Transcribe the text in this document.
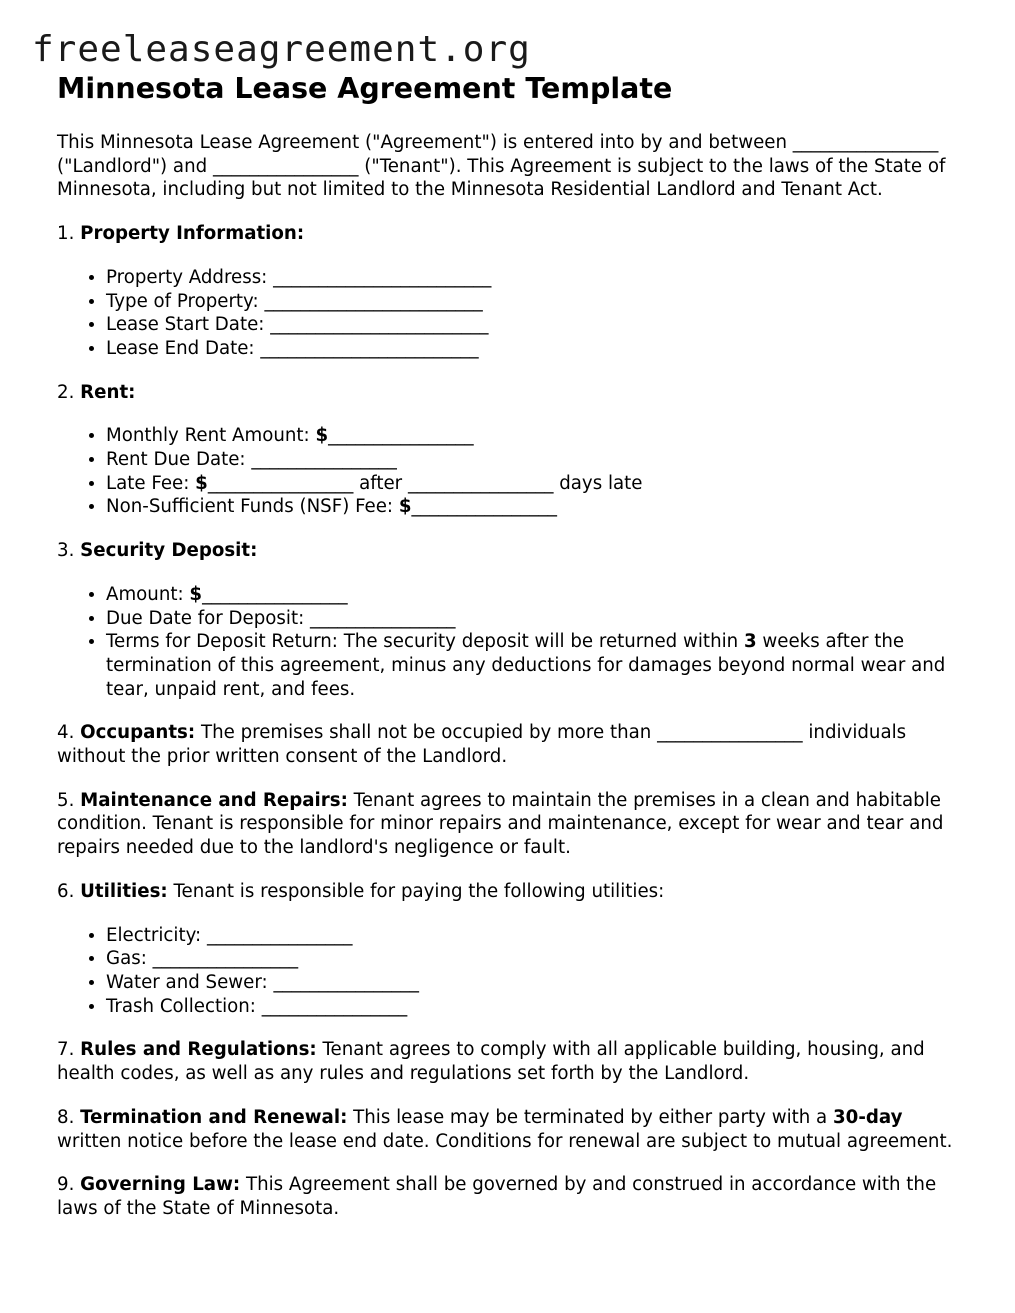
freeleaseagreement.org
Minnesota Lease Agreement Template

This Minnesota Lease Agreement ("Agreement") is entered into by and between ________________ ("Landlord") and ________________ ("Tenant"). This Agreement is subject to the laws of the State of Minnesota, including but not limited to the Minnesota Residential Landlord and Tenant Act.

1. Property Information:

• Property Address: ________________________
• Type of Property: ________________________
• Lease Start Date: ________________________
• Lease End Date: ________________________

2. Rent:

• Monthly Rent Amount: $________________
• Rent Due Date: ________________
• Late Fee: $________________ after ________________ days late
• Non-Sufficient Funds (NSF) Fee: $________________

3. Security Deposit:

• Amount: $________________
• Due Date for Deposit: ________________
• Terms for Deposit Return: The security deposit will be returned within 3 weeks after the termination of this agreement, minus any deductions for damages beyond normal wear and tear, unpaid rent, and fees.

4. Occupants: The premises shall not be occupied by more than ________________ individuals without the prior written consent of the Landlord.

5. Maintenance and Repairs: Tenant agrees to maintain the premises in a clean and habitable condition. Tenant is responsible for minor repairs and maintenance, except for wear and tear and repairs needed due to the landlord's negligence or fault.

6. Utilities: Tenant is responsible for paying the following utilities:

• Electricity: ________________
• Gas: ________________
• Water and Sewer: ________________
• Trash Collection: ________________

7. Rules and Regulations: Tenant agrees to comply with all applicable building, housing, and health codes, as well as any rules and regulations set forth by the Landlord.

8. Termination and Renewal: This lease may be terminated by either party with a 30-day written notice before the lease end date. Conditions for renewal are subject to mutual agreement.

9. Governing Law: This Agreement shall be governed by and construed in accordance with the laws of the State of Minnesota.
